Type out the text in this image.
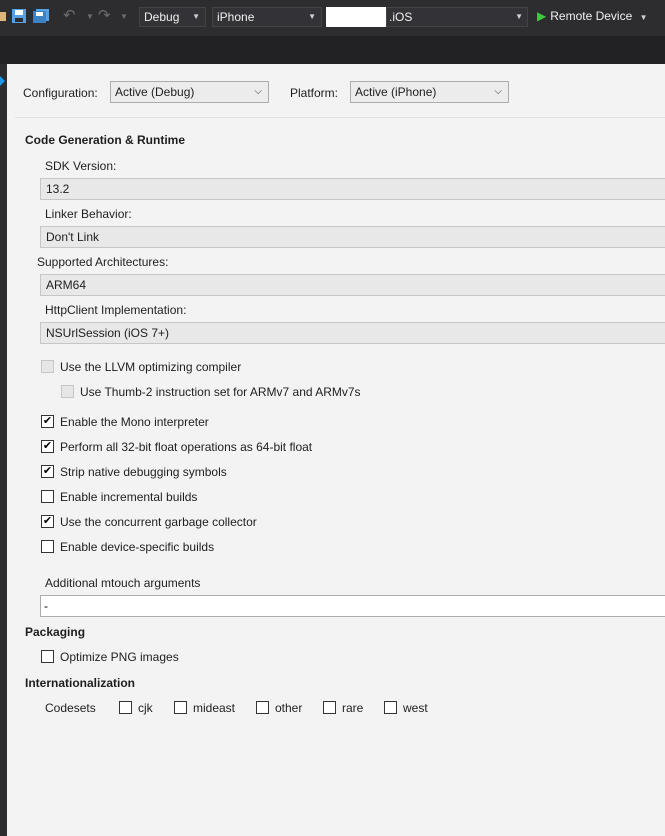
↶ ▼ ↷ ▼	Debug ▼	iPhone	▼	.iOS	▼ ▶ Remote Device ▼
Configuration:	Active (Debug)	⌵ Platform:	Active (iPhone)	⌵
Code Generation & Runtime
SDK Version:
13.2
Linker Behavior:
Don't Link
Supported Architectures:
ARM64
HttpClient Implementation:
NSUrlSession (iOS 7+)
Use the LLVM optimizing compiler
Use Thumb-2 instruction set for ARMv7 and ARMv7s
✔ Enable the Mono interpreter
✔ Perform all 32-bit float operations as 64-bit float
✔ Strip native debugging symbols
Enable incremental builds
✔ Use the concurrent garbage collector
Enable device-specific builds
Additional mtouch arguments
-
Packaging
Optimize PNG images
Internationalization
Codesets	cjk	mideast	other	rare	west
